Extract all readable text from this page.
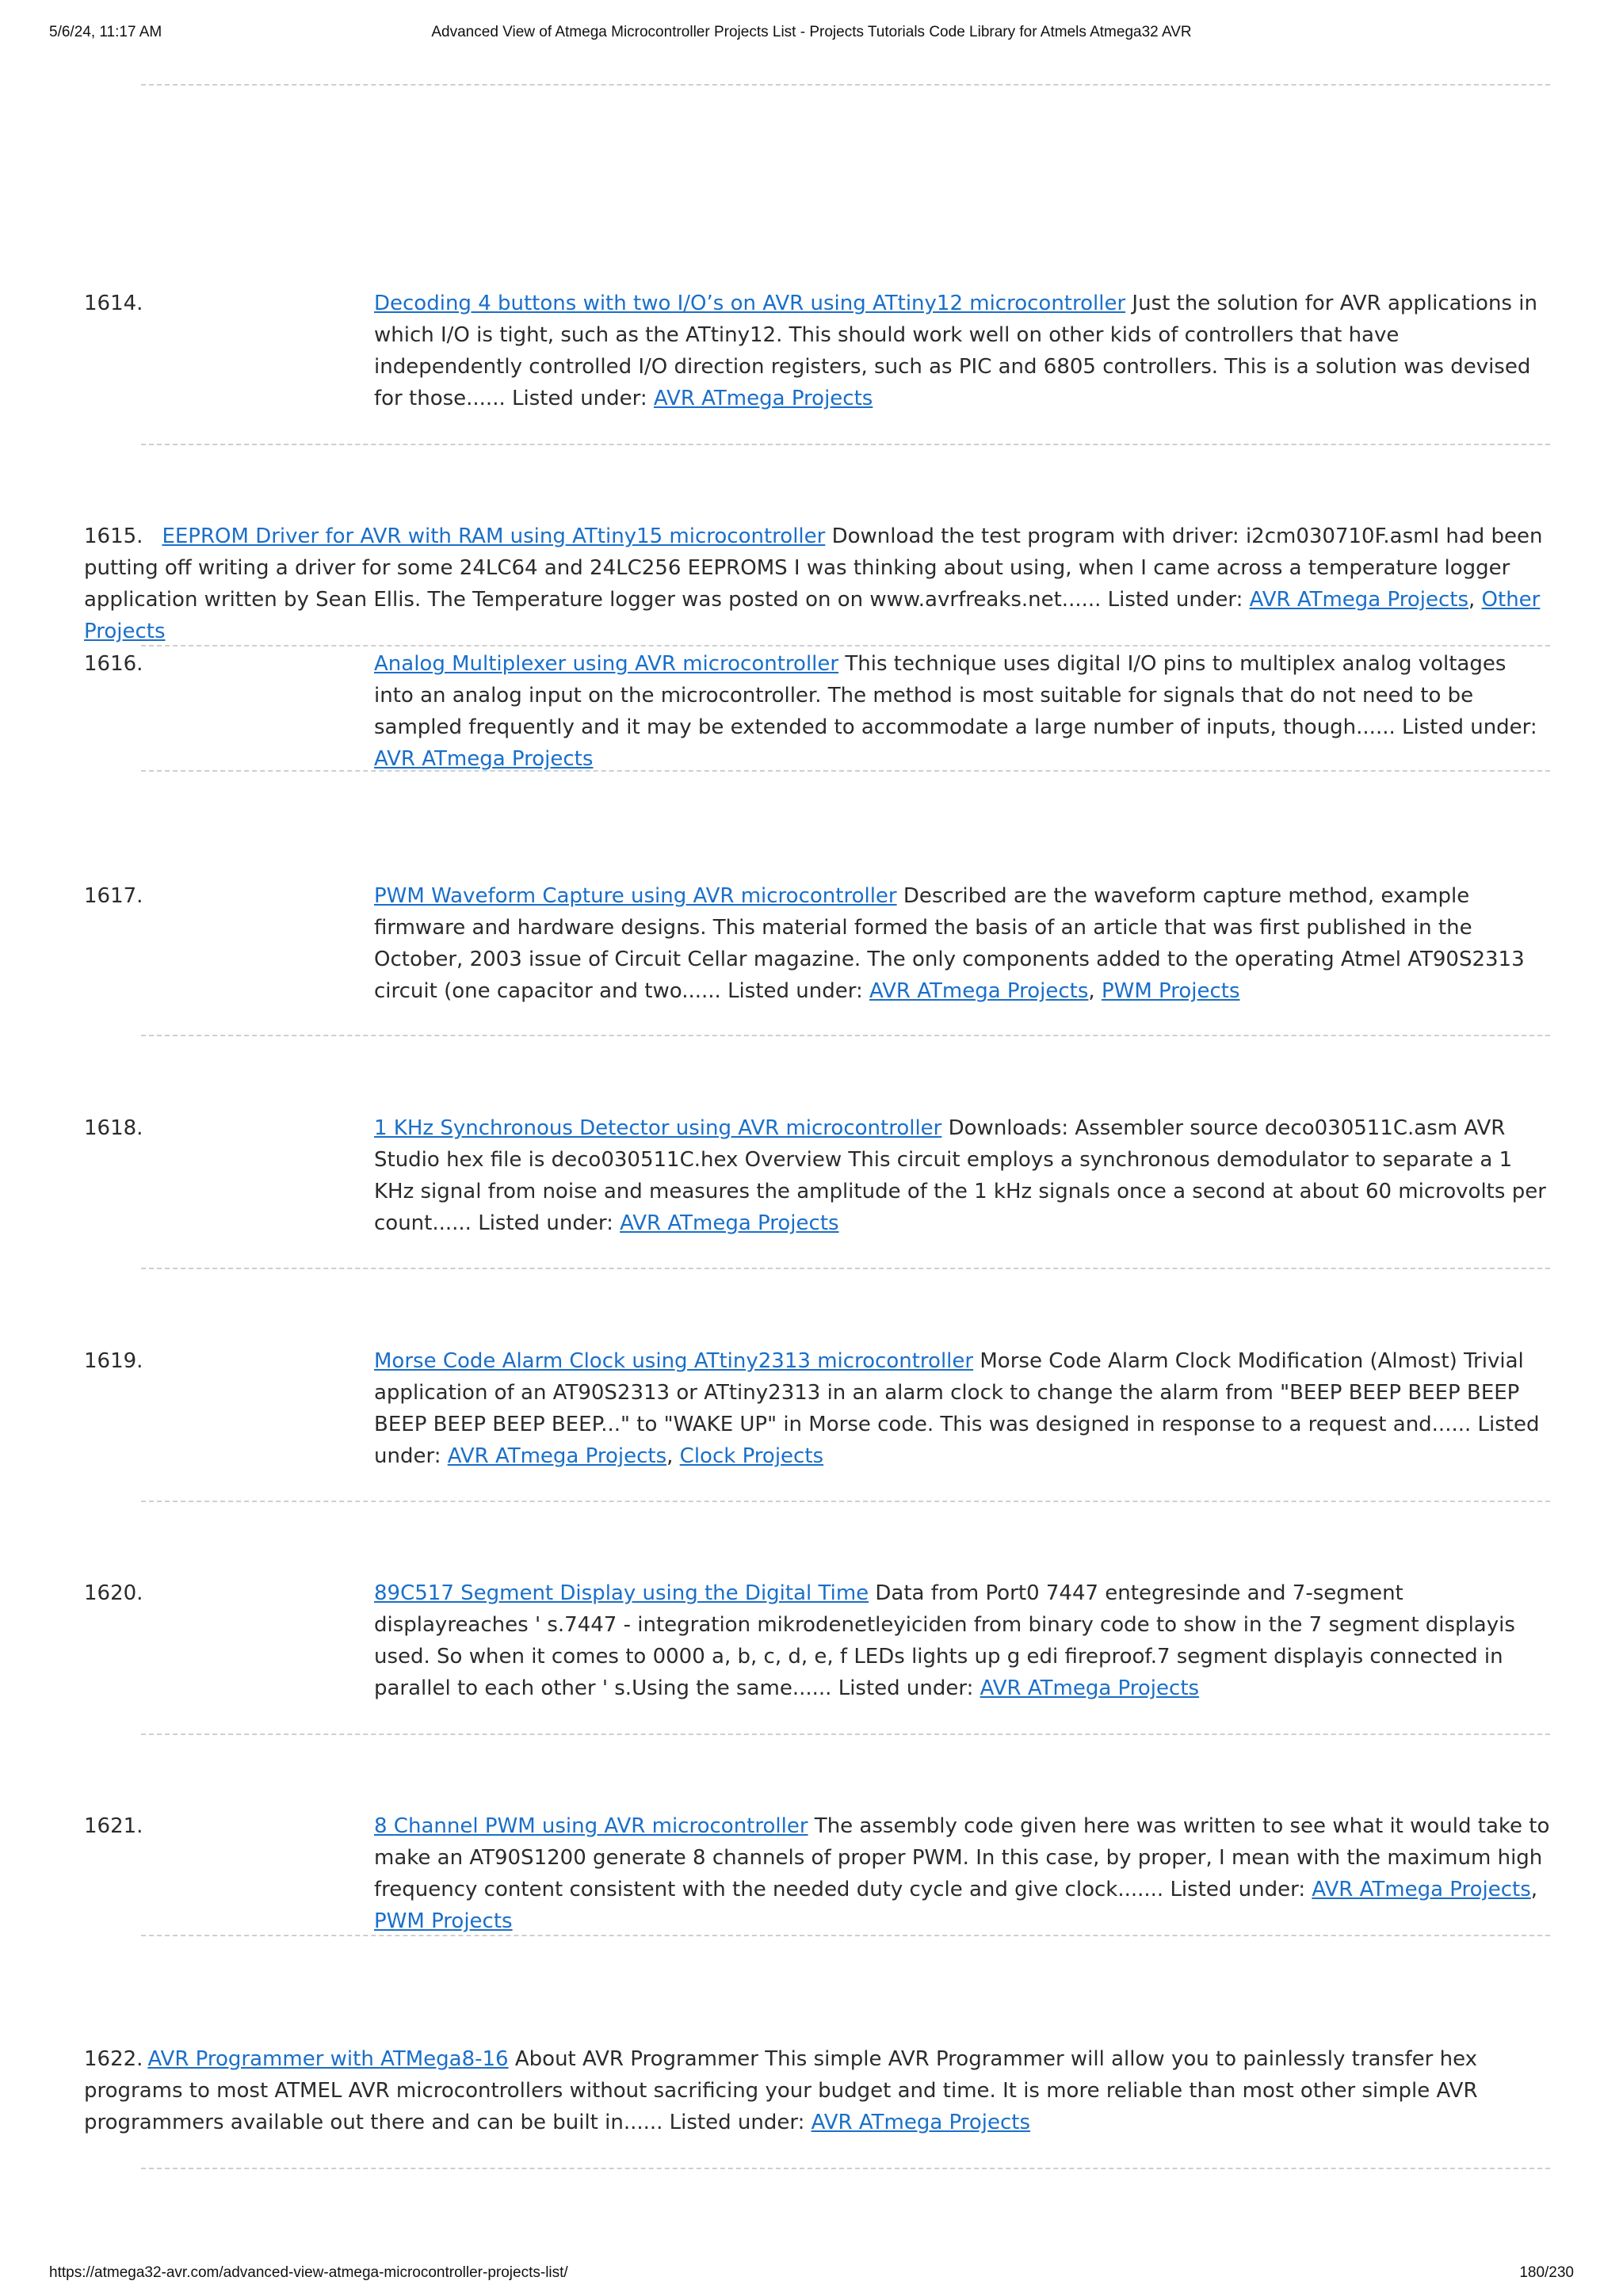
5/6/24, 11:17 AM	Advanced View of Atmega Microcontroller Projects List - Projects Tutorials Code Library for Atmels Atmega32 AVR
1614.	Decoding 4 buttons with two I/O’s on AVR using ATtiny12 microcontroller Just the solution for AVR applications in which I/O is tight, such as the ATtiny12. This should work well on other kids of controllers that have independently controlled I/O direction registers, such as PIC and 6805 controllers. This is a solution was devised for those...... Listed under: AVR ATmega Projects
1615. EEPROM Driver for AVR with RAM using ATtiny15 microcontroller Download the test program with driver: i2cm030710F.asmI had been putting off writing a driver for some 24LC64 and 24LC256 EEPROMS I was thinking about using, when I came across a temperature logger application written by Sean Ellis. The Temperature logger was posted on on www.avrfreaks.net...... Listed under: AVR ATmega Projects, Other Projects
1616.	Analog Multiplexer using AVR microcontroller This technique uses digital I/O pins to multiplex analog voltages into an analog input on the microcontroller. The method is most suitable for signals that do not need to be sampled frequently and it may be extended to accommodate a large number of inputs, though...... Listed under: AVR ATmega Projects
1617.	PWM Waveform Capture using AVR microcontroller Described are the waveform capture method, example firmware and hardware designs. This material formed the basis of an article that was first published in the October, 2003 issue of Circuit Cellar magazine. The only components added to the operating Atmel AT90S2313 circuit (one capacitor and two...... Listed under: AVR ATmega Projects, PWM Projects
1618.	1 KHz Synchronous Detector using AVR microcontroller Downloads: Assembler source deco030511C.asm AVR Studio hex file is deco030511C.hex Overview This circuit employs a synchronous demodulator to separate a 1 KHz signal from noise and measures the amplitude of the 1 kHz signals once a second at about 60 microvolts per count...... Listed under: AVR ATmega Projects
1619.	Morse Code Alarm Clock using ATtiny2313 microcontroller Morse Code Alarm Clock Modification (Almost) Trivial application of an AT90S2313 or ATtiny2313 in an alarm clock to change the alarm from "BEEP BEEP BEEP BEEP BEEP BEEP BEEP BEEP..." to "WAKE UP" in Morse code. This was designed in response to a request and...... Listed under: AVR ATmega Projects, Clock Projects
1620.	89C517 Segment Display using the Digital Time Data from Port0 7447 entegresinde and 7-segment displayreaches ' s.7447 - integration mikrodenetleyiciden from binary code to show in the 7 segment displayis used. So when it comes to 0000 a, b, c, d, e, f LEDs lights up g edi fireproof.7 segment displayis connected in parallel to each other ' s.Using the same...... Listed under: AVR ATmega Projects
1621.	8 Channel PWM using AVR microcontroller The assembly code given here was written to see what it would take to make an AT90S1200 generate 8 channels of proper PWM. In this case, by proper, I mean with the maximum high frequency content consistent with the needed duty cycle and give clock....... Listed under: AVR ATmega Projects, PWM Projects
1622. AVR Programmer with ATMega8-16 About AVR Programmer This simple AVR Programmer will allow you to painlessly transfer hex programs to most ATMEL AVR microcontrollers without sacrificing your budget and time. It is more reliable than most other simple AVR programmers available out there and can be built in...... Listed under: AVR ATmega Projects
https://atmega32-avr.com/advanced-view-atmega-microcontroller-projects-list/	180/230
